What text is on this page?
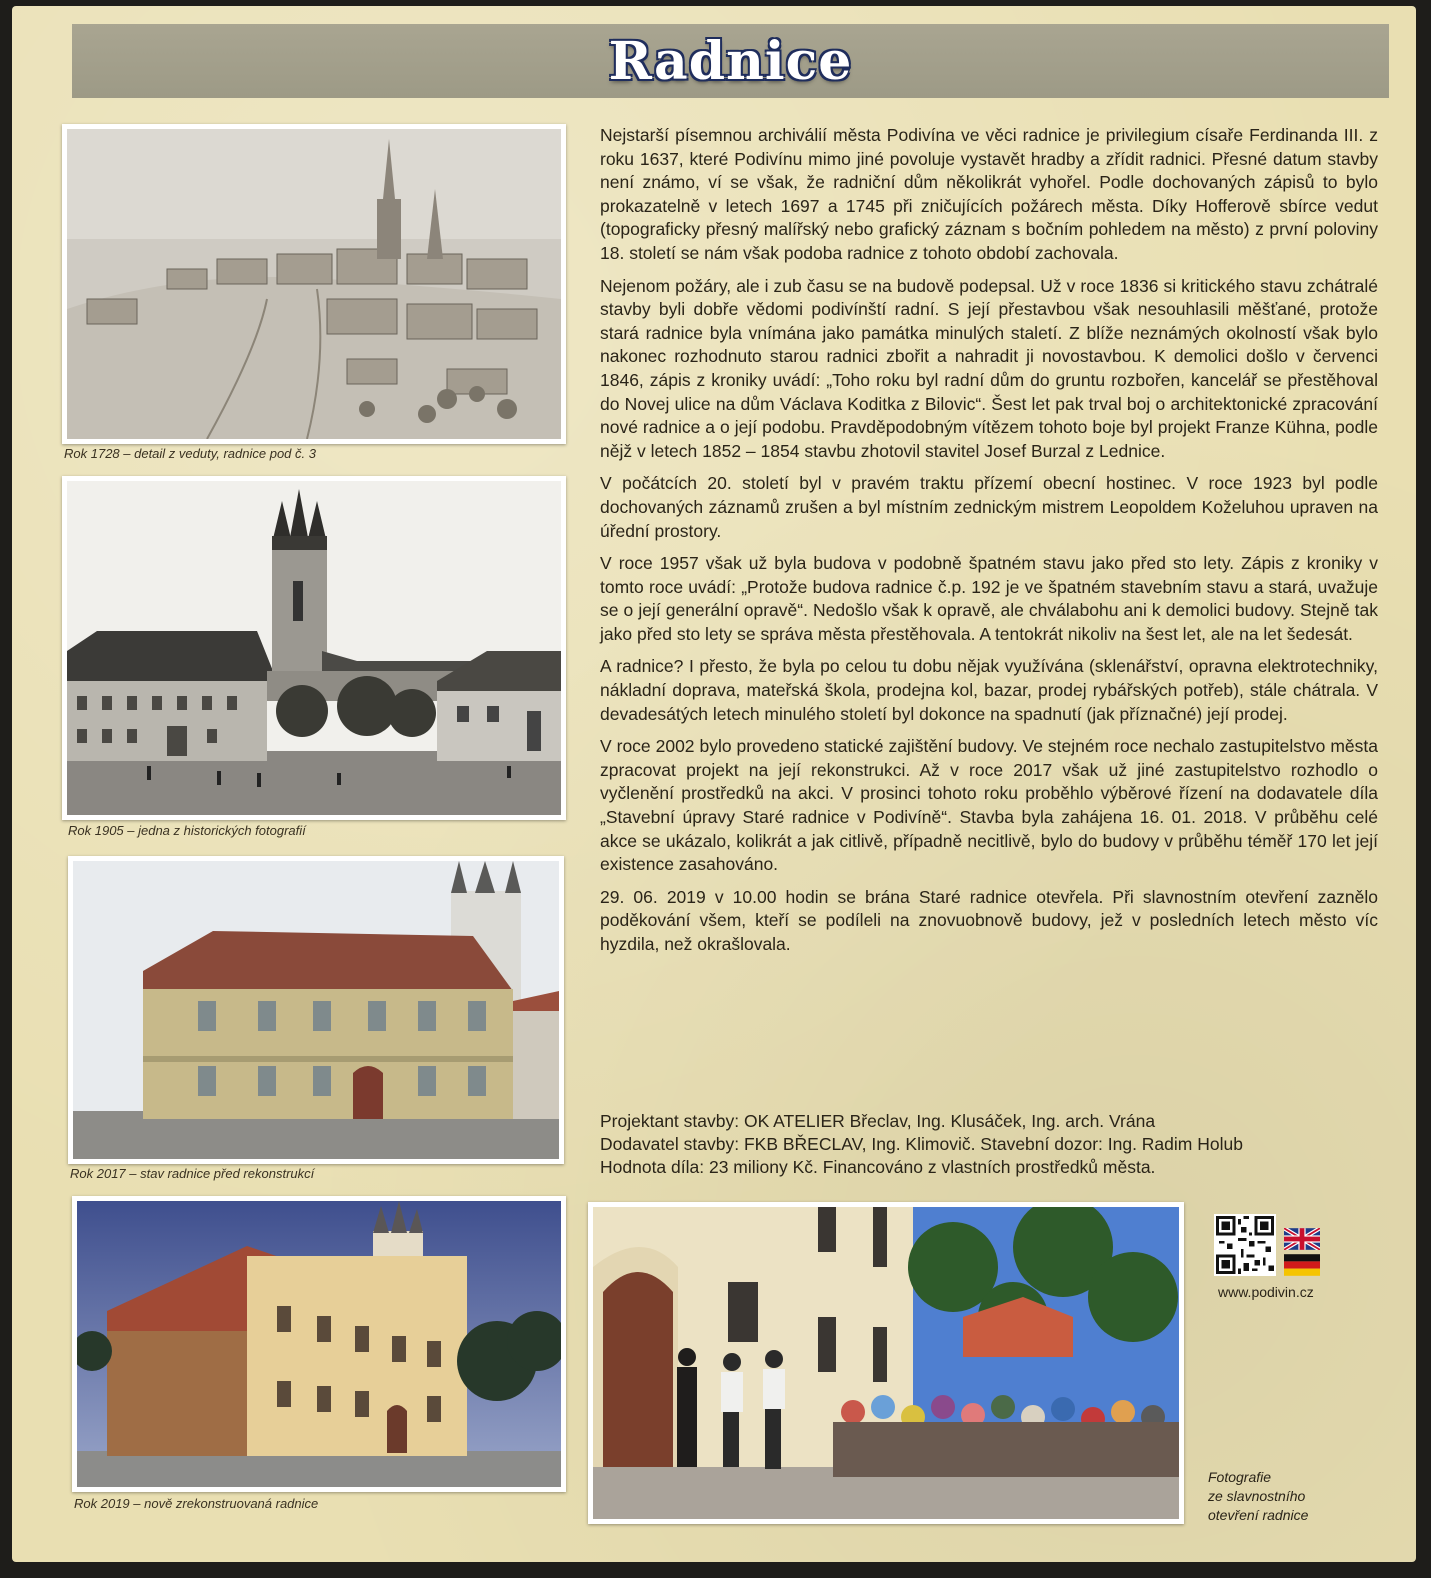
Radnice
Rok 1728 – detail z veduty, radnice pod č. 3
Rok 1905 – jedna z historických fotografií
Rok 2017 – stav radnice před rekonstrukcí
Rok 2019 – nově zrekonstruovaná radnice

Nejstarší písemnou archiválií města Podivína ve věci radnice je privilegium císaře Ferdinanda III. z roku 1637, které Podivínu mimo jiné povoluje vystavět hradby a zřídit radnici. Přesné datum stavby není známo, ví se však, že radniční dům několikrát vyhořel. Podle dochovaných zápisů to bylo prokazatelně v letech 1697 a 1745 při zničujících požárech města. Díky Hofferově sbírce vedut (topograficky přesný malířský nebo grafický záznam s bočním pohledem na město) z první poloviny 18. století se nám však podoba radnice z tohoto období zachovala.

Nejenom požáry, ale i zub času se na budově podepsal. Už v roce 1836 si kritického stavu zchátralé stavby byli dobře vědomi podivínští radní. S její přestavbou však nesouhlasili měšťané, protože stará radnice byla vnímána jako památka minulých staletí. Z blíže neznámých okolností však bylo nakonec rozhodnuto starou radnici zbořit a nahradit ji novostavbou. K demolici došlo v červenci 1846, zápis z kroniky uvádí: „Toho roku byl radní dům do gruntu rozbořen, kancelář se přestěhoval do Novej ulice na dům Václava Koditka z Bilovic“. Šest let pak trval boj o architektonické zpracování nové radnice a o její podobu. Pravděpodobným vítězem tohoto boje byl projekt Franze Kühna, podle nějž v letech 1852 – 1854 stavbu zhotovil stavitel Josef Burzal z Lednice.

V počátcích 20. století byl v pravém traktu přízemí obecní hostinec. V roce 1923 byl podle dochovaných záznamů zrušen a byl místním zednickým mistrem Leopoldem Koželuhou upraven na úřední prostory.

V roce 1957 však už byla budova v podobně špatném stavu jako před sto lety. Zápis z kroniky v tomto roce uvádí: „Protože budova radnice č.p. 192 je ve špatném stavebním stavu a stará, uvažuje se o její generální opravě“. Nedošlo však k opravě, ale chválabohu ani k demolici budovy. Stejně tak jako před sto lety se správa města přestěhovala. A tentokrát nikoliv na šest let, ale na let šedesát.

A radnice? I přesto, že byla po celou tu dobu nějak využívána (sklenářství, opravna elektrotechniky, nákladní doprava, mateřská škola, prodejna kol, bazar, prodej rybářských potřeb), stále chátrala. V devadesátých letech minulého století byl dokonce na spadnutí (jak příznačné) její prodej.

V roce 2002 bylo provedeno statické zajištění budovy. Ve stejném roce nechalo zastupitelstvo města zpracovat projekt na její rekonstrukci. Až v roce 2017 však už jiné zastupitelstvo rozhodlo o vyčlenění prostředků na akci. V prosinci tohoto roku proběhlo výběrové řízení na dodavatele díla „Stavební úpravy Staré radnice v Podivíně“. Stavba byla zahájena 16. 01. 2018. V průběhu celé akce se ukázalo, kolikrát a jak citlivě, případně necitlivě, bylo do budovy v průběhu téměř 170 let její existence zasahováno.

29. 06. 2019 v 10.00 hodin se brána Staré radnice otevřela. Při slavnostním otevření zaznělo poděkování všem, kteří se podíleli na znovuobnově budovy, jež v posledních letech město víc hyzdila, než okrašlovala.

Projektant stavby: OK ATELIER Břeclav, Ing. Klusáček, Ing. arch. Vrána
Dodavatel stavby: FKB BŘECLAV, Ing. Klimovič. Stavební dozor: Ing. Radim Holub
Hodnota díla: 23 miliony Kč. Financováno z vlastních prostředků města.
www.podivin.cz
Fotografie
ze slavnostního
otevření radnice
